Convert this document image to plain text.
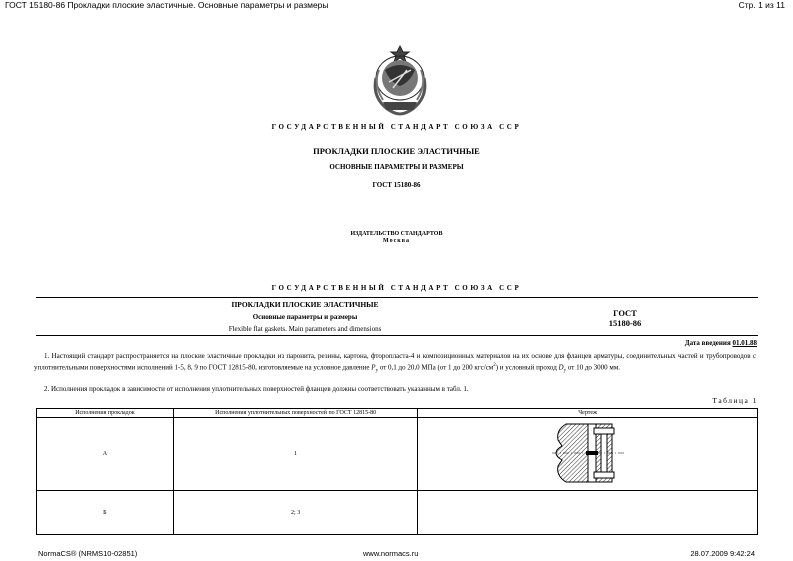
ГОСТ 15180-86 Прокладки плоские эластичные. Основные параметры и размеры	Стр. 1 из 11
ГОСУДАРСТВЕННЫЙ СТАНДАРТ СОЮЗА ССР
ПРОКЛАДКИ ПЛОСКИЕ ЭЛАСТИЧНЫЕ
ОСНОВНЫЕ ПАРАМЕТРЫ И РАЗМЕРЫ
ГОСТ 15180-86
ИЗДАТЕЛЬСТВО СТАНДАРТОВ
Москва
ГОСУДАРСТВЕННЫЙ СТАНДАРТ СОЮЗА ССР
ПРОКЛАДКИ ПЛОСКИЕ ЭЛАСТИЧНЫЕ
Основные параметры и размеры
Flexible flat gaskets. Main parameters and dimensions
ГОСТ
15180-86
Дата введения 01.01.88
1. Настоящий стандарт распространяется на плоские эластичные прокладки из паронита, резины, картона, фторопласта-4 и композиционных материалов на их основе для фланцев арматуры, соединительных частей и трубопроводов с уплотнительными поверхностями исполнений 1-5, 8, 9 по ГОСТ 12815-80, изготовляемые на условное давление $P_у$ от 0,1 до 20,0 МПа (от 1 до 200 кгс/$см^2$) и условный проход $D_у$ от 10 до 3000 мм.
2. Исполнения прокладок в зависимости от исполнения уплотнительных поверхностей фланцев должны соответствовать указанным в табл. 1.
Таблица 1
Исполнения прокладок	Исполнения уплотнительных поверхностей по ГОСТ 12815-80	Чертеж
А	1	
Б	2; 3	
NormaCS® (NRMS10-02851)	www.normacs.ru	28.07.2009 9:42:24
